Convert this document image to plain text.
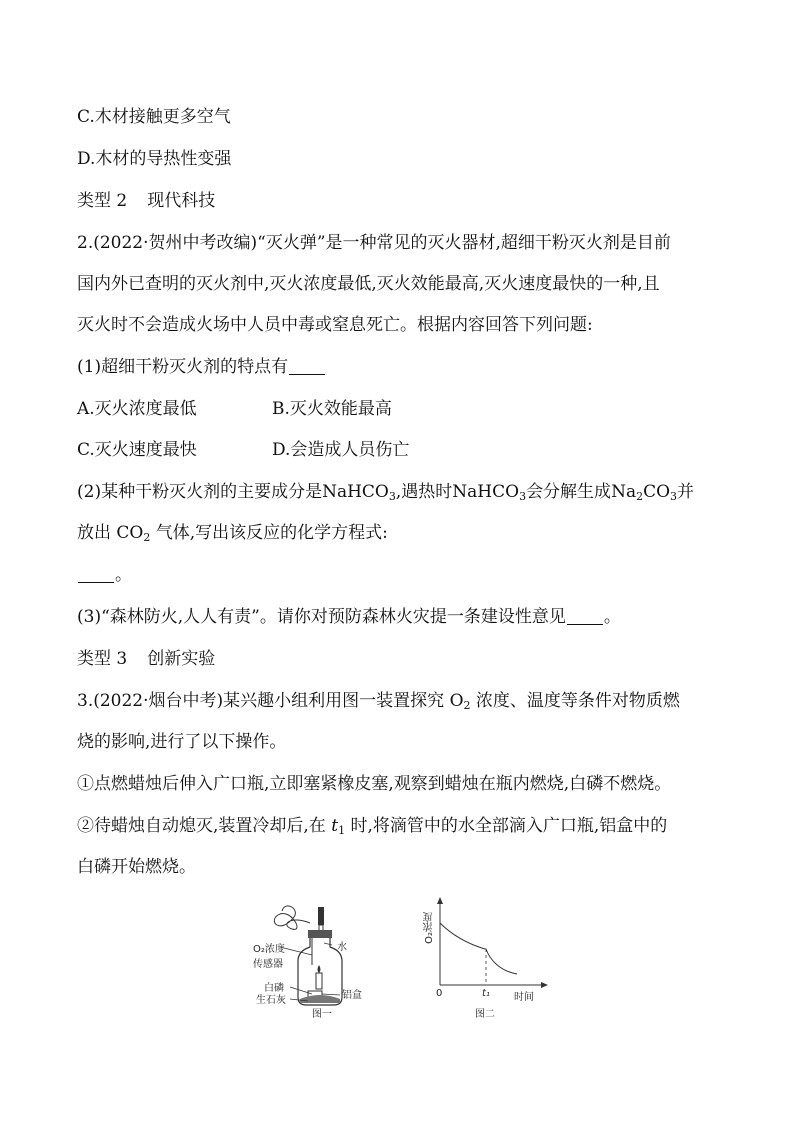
C.木材接触更多空气
D.木材的导热性变强
类型 2 现代科技
2.(2022·贺州中考改编)“灭火弹”是一种常见的灭火器材,超细干粉灭火剂是目前
国内外已查明的灭火剂中,灭火浓度最低,灭火效能最高,灭火速度最快的一种,且
灭火时不会造成火场中人员中毒或窒息死亡。根据内容回答下列问题:
(1)超细干粉灭火剂的特点有
A.灭火浓度最低	B.灭火效能最高
C.灭火速度最快	D.会造成人员伤亡
(2)某种干粉灭火剂的主要成分是NaHCO$_3$,遇热时NaHCO$_3$会分解生成$Na_2CO_3$并
放出 $CO_2$ 气体,写出该反应的化学方程式:
。
(3)“森林防火,人人有责”。请你对预防森林火灾提一条建设性意见 。
类型 3 创新实验
3.(2022·烟台中考)某兴趣小组利用图一装置探究 $O_2$ 浓度、温度等条件对物质燃
烧的影响,进行了以下操作。
①点燃蜡烛后伸入广口瓶,立即塞紧橡皮塞,观察到蜡烛在瓶内燃烧,白磷不燃烧。
②待蜡烛自动熄灭,装置冷却后,在 $t_1$ 时,将滴管中的水全部滴入广口瓶,铝盒中的
白磷开始燃烧。
O₂浓度
传感器
水
白磷
生石灰	铝盒
图一
O₂浓度
0	t₁ 时间
图二
